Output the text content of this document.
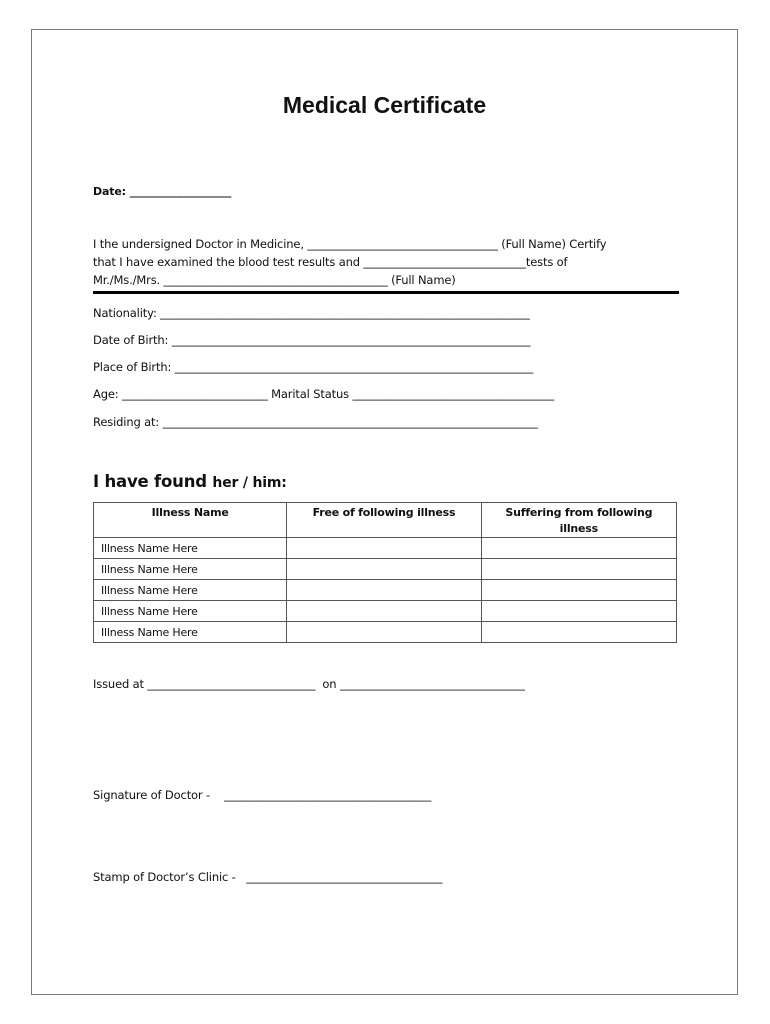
Medical Certificate
Date: ___________________
I the undersigned Doctor in Medicine, __________________________________ (Full Name) Certify
that I have examined the blood test results and _____________________________tests of
Mr./Ms./Mrs. ________________________________________ (Full Name)
Nationality: __________________________________________________________________
Date of Birth: ________________________________________________________________
Place of Birth: ________________________________________________________________
Age: __________________________ Marital Status ____________________________________
Residing at: ___________________________________________________________________
I have found her / him:
Illness Name	Free of following illness	Suffering from following illness
Illness Name Here		
Illness Name Here		
Illness Name Here		
Illness Name Here		
Illness Name Here		
Issued at ______________________________  on _________________________________
Signature of Doctor -    _____________________________________
Stamp of Doctor’s Clinic -   ___________________________________
